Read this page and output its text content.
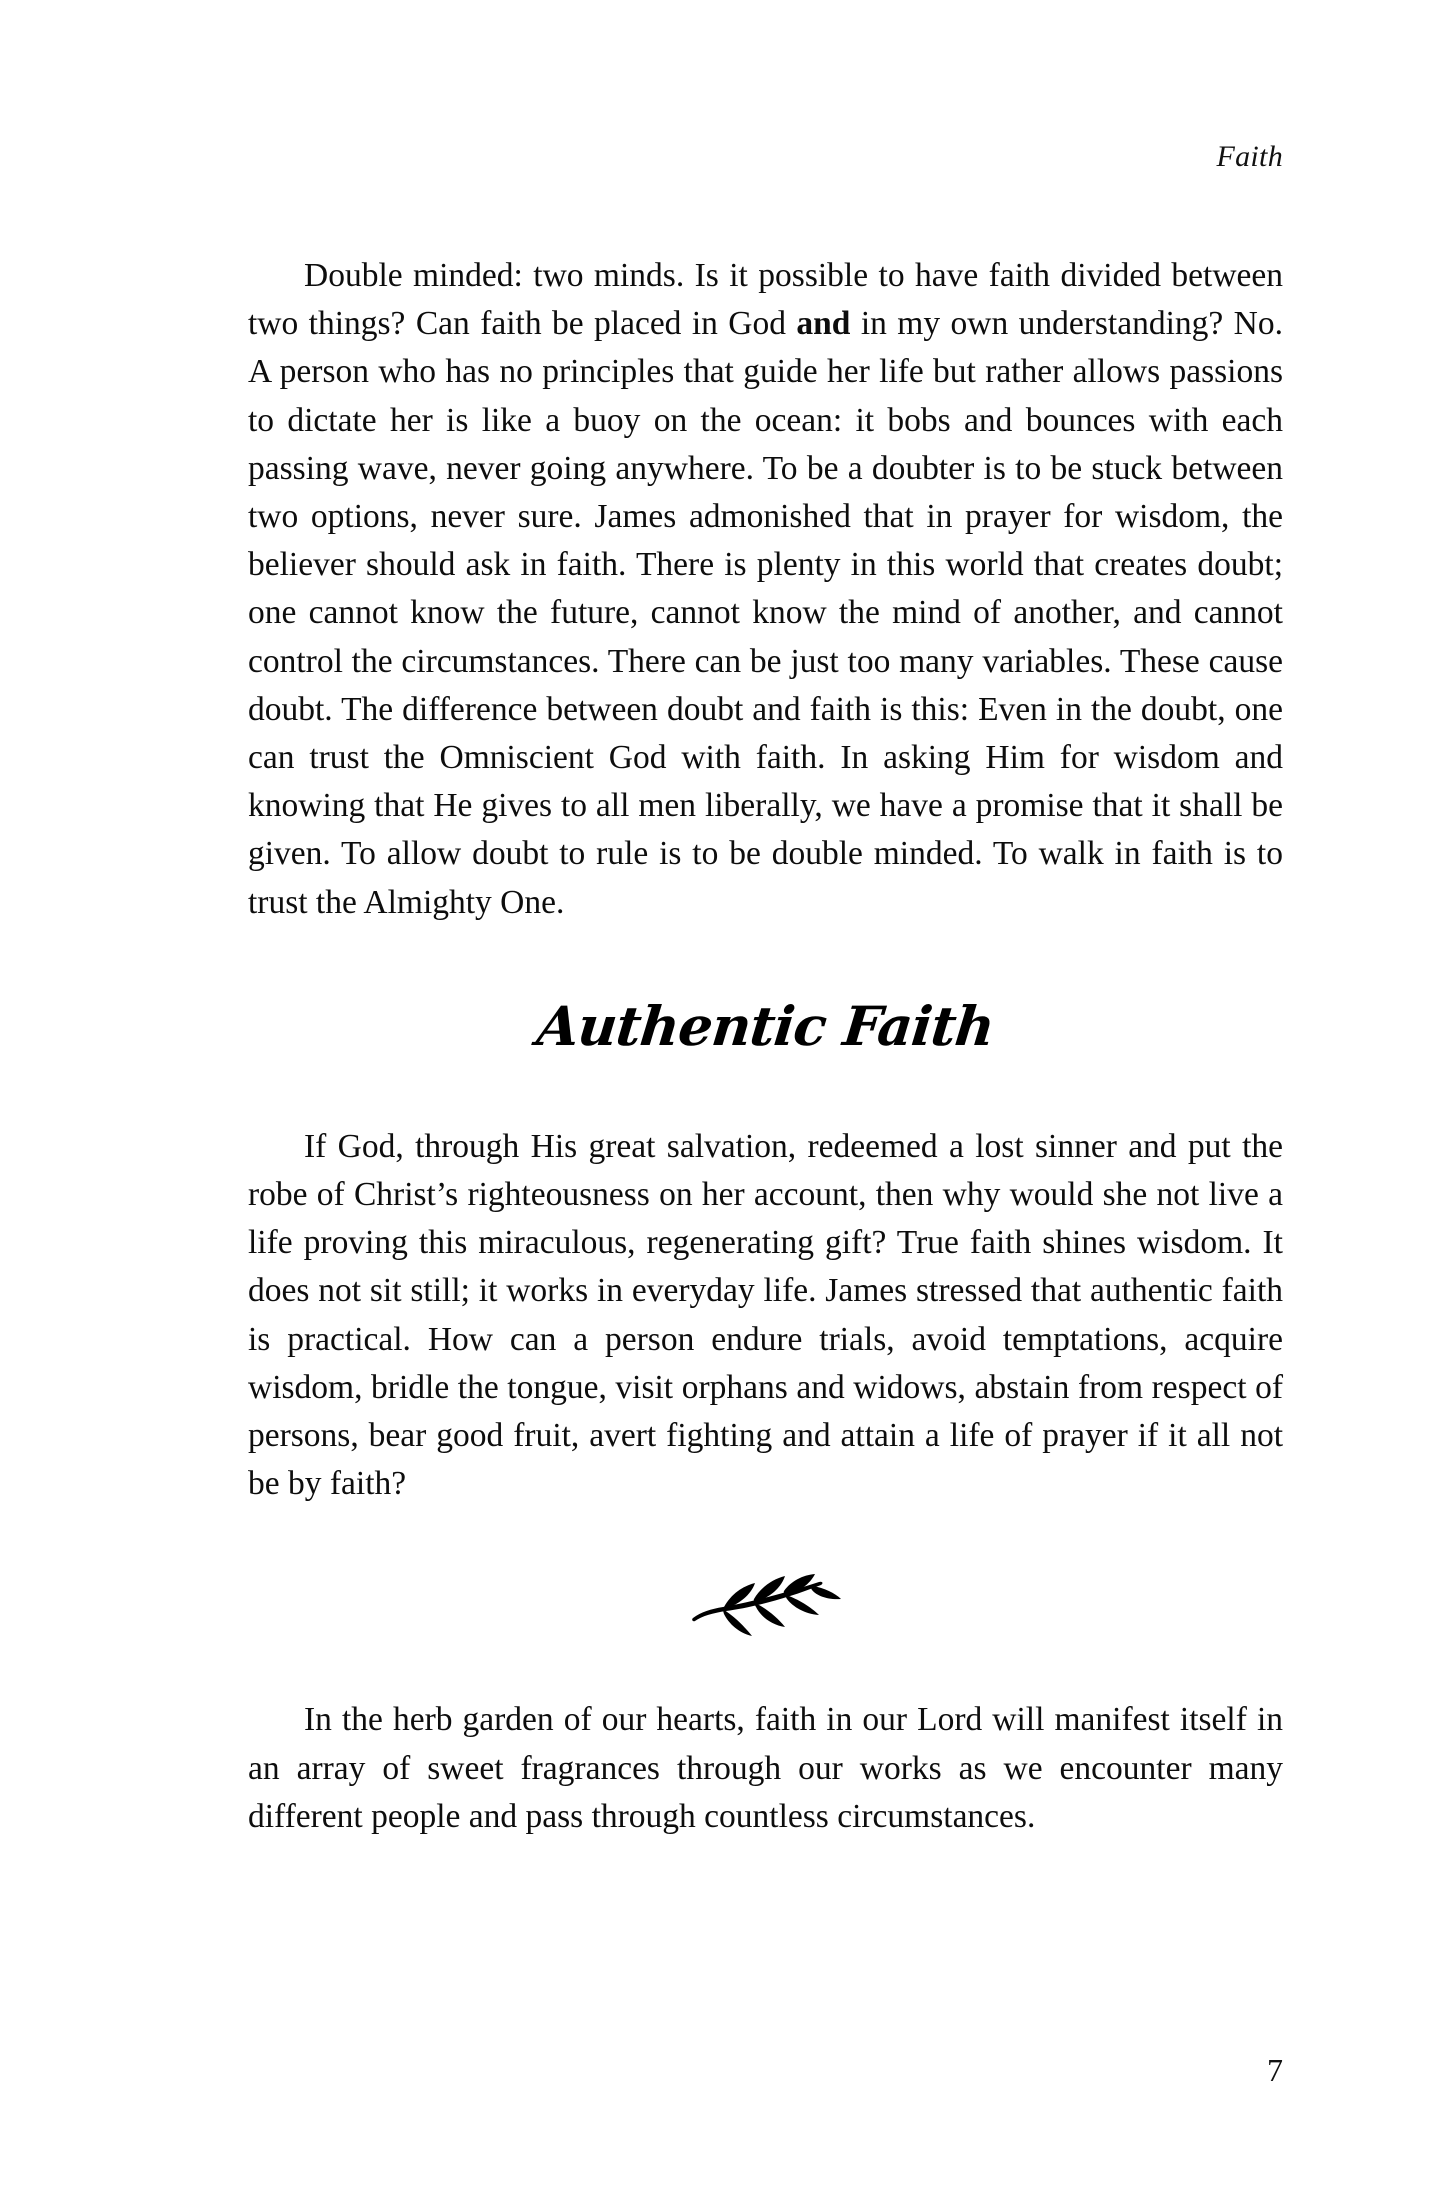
Faith

Double minded: two minds. Is it possible to have faith divided between two things? Can faith be placed in God and in my own understanding? No. A person who has no principles that guide her life but rather allows passions to dictate her is like a buoy on the ocean: it bobs and bounces with each passing wave, never going anywhere. To be a doubter is to be stuck between two options, never sure. James admonished that in prayer for wisdom, the believer should ask in faith. There is plenty in this world that creates doubt; one cannot know the future, cannot know the mind of another, and cannot control the circumstances. There can be just too many variables. These cause doubt. The difference between doubt and faith is this: Even in the doubt, one can trust the Omniscient God with faith. In asking Him for wisdom and knowing that He gives to all men liberally, we have a promise that it shall be given. To allow doubt to rule is to be double minded. To walk in faith is to trust the Almighty One.

Authentic Faith

If God, through His great salvation, redeemed a lost sinner and put the robe of Christ’s righteousness on her account, then why would she not live a life proving this miraculous, regenerating gift? True faith shines wisdom. It does not sit still; it works in everyday life. James stressed that authentic faith is practical. How can a person endure trials, avoid temptations, acquire wisdom, bridle the tongue, visit orphans and widows, abstain from respect of persons, bear good fruit, avert fighting and attain a life of prayer if it all not be by faith?

In the herb garden of our hearts, faith in our Lord will manifest itself in an array of sweet fragrances through our works as we encounter many different people and pass through countless circumstances.

7
